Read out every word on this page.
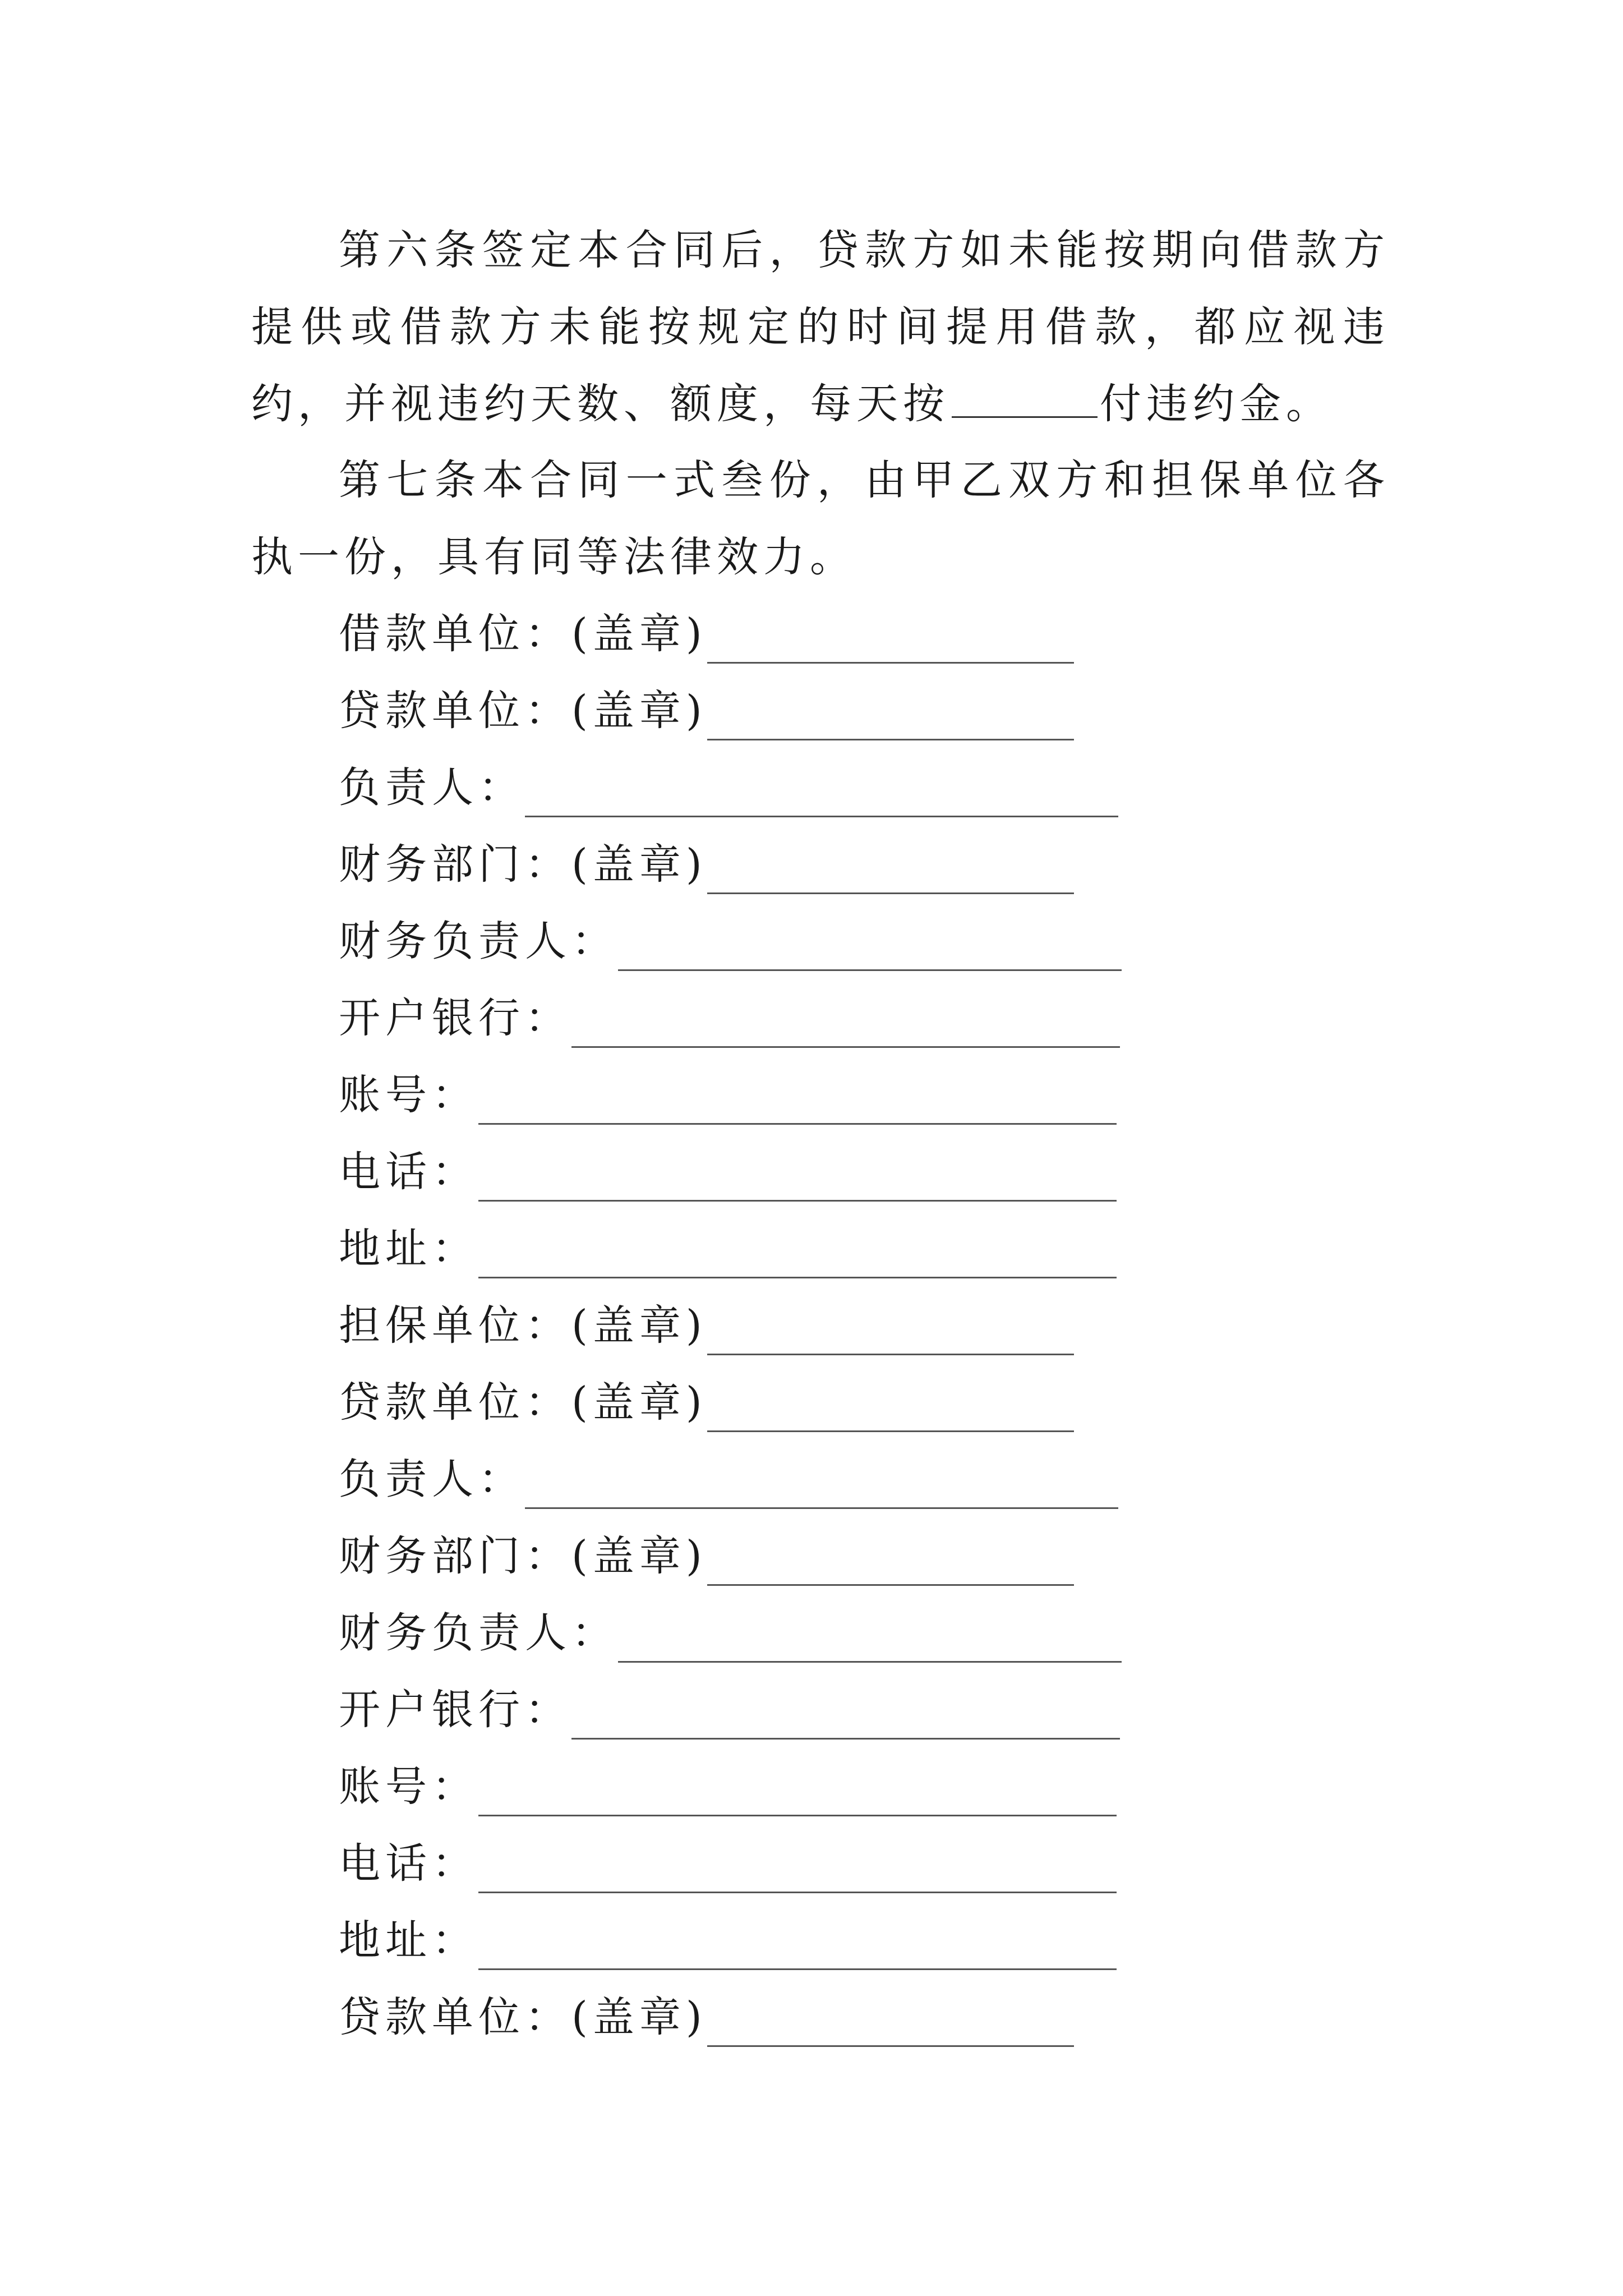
第六条签定本合同后，贷款方如未能按期向借款方提供或借款方未能按规定的时间提用借款，都应视违约，并视违约天数、额度，每天按	付违约金。

第七条本合同一式叁份，由甲乙双方和担保单位各执一份，具有同等法律效力。

借款单位：(盖章)
贷款单位：(盖章)
负责人：
财务部门：(盖章)
财务负责人：
开户银行：
账号：
电话：
地址：
担保单位：(盖章)
贷款单位：(盖章)
负责人：
财务部门：(盖章)
财务负责人：
开户银行：
账号：
电话：
地址：
贷款单位：(盖章)
